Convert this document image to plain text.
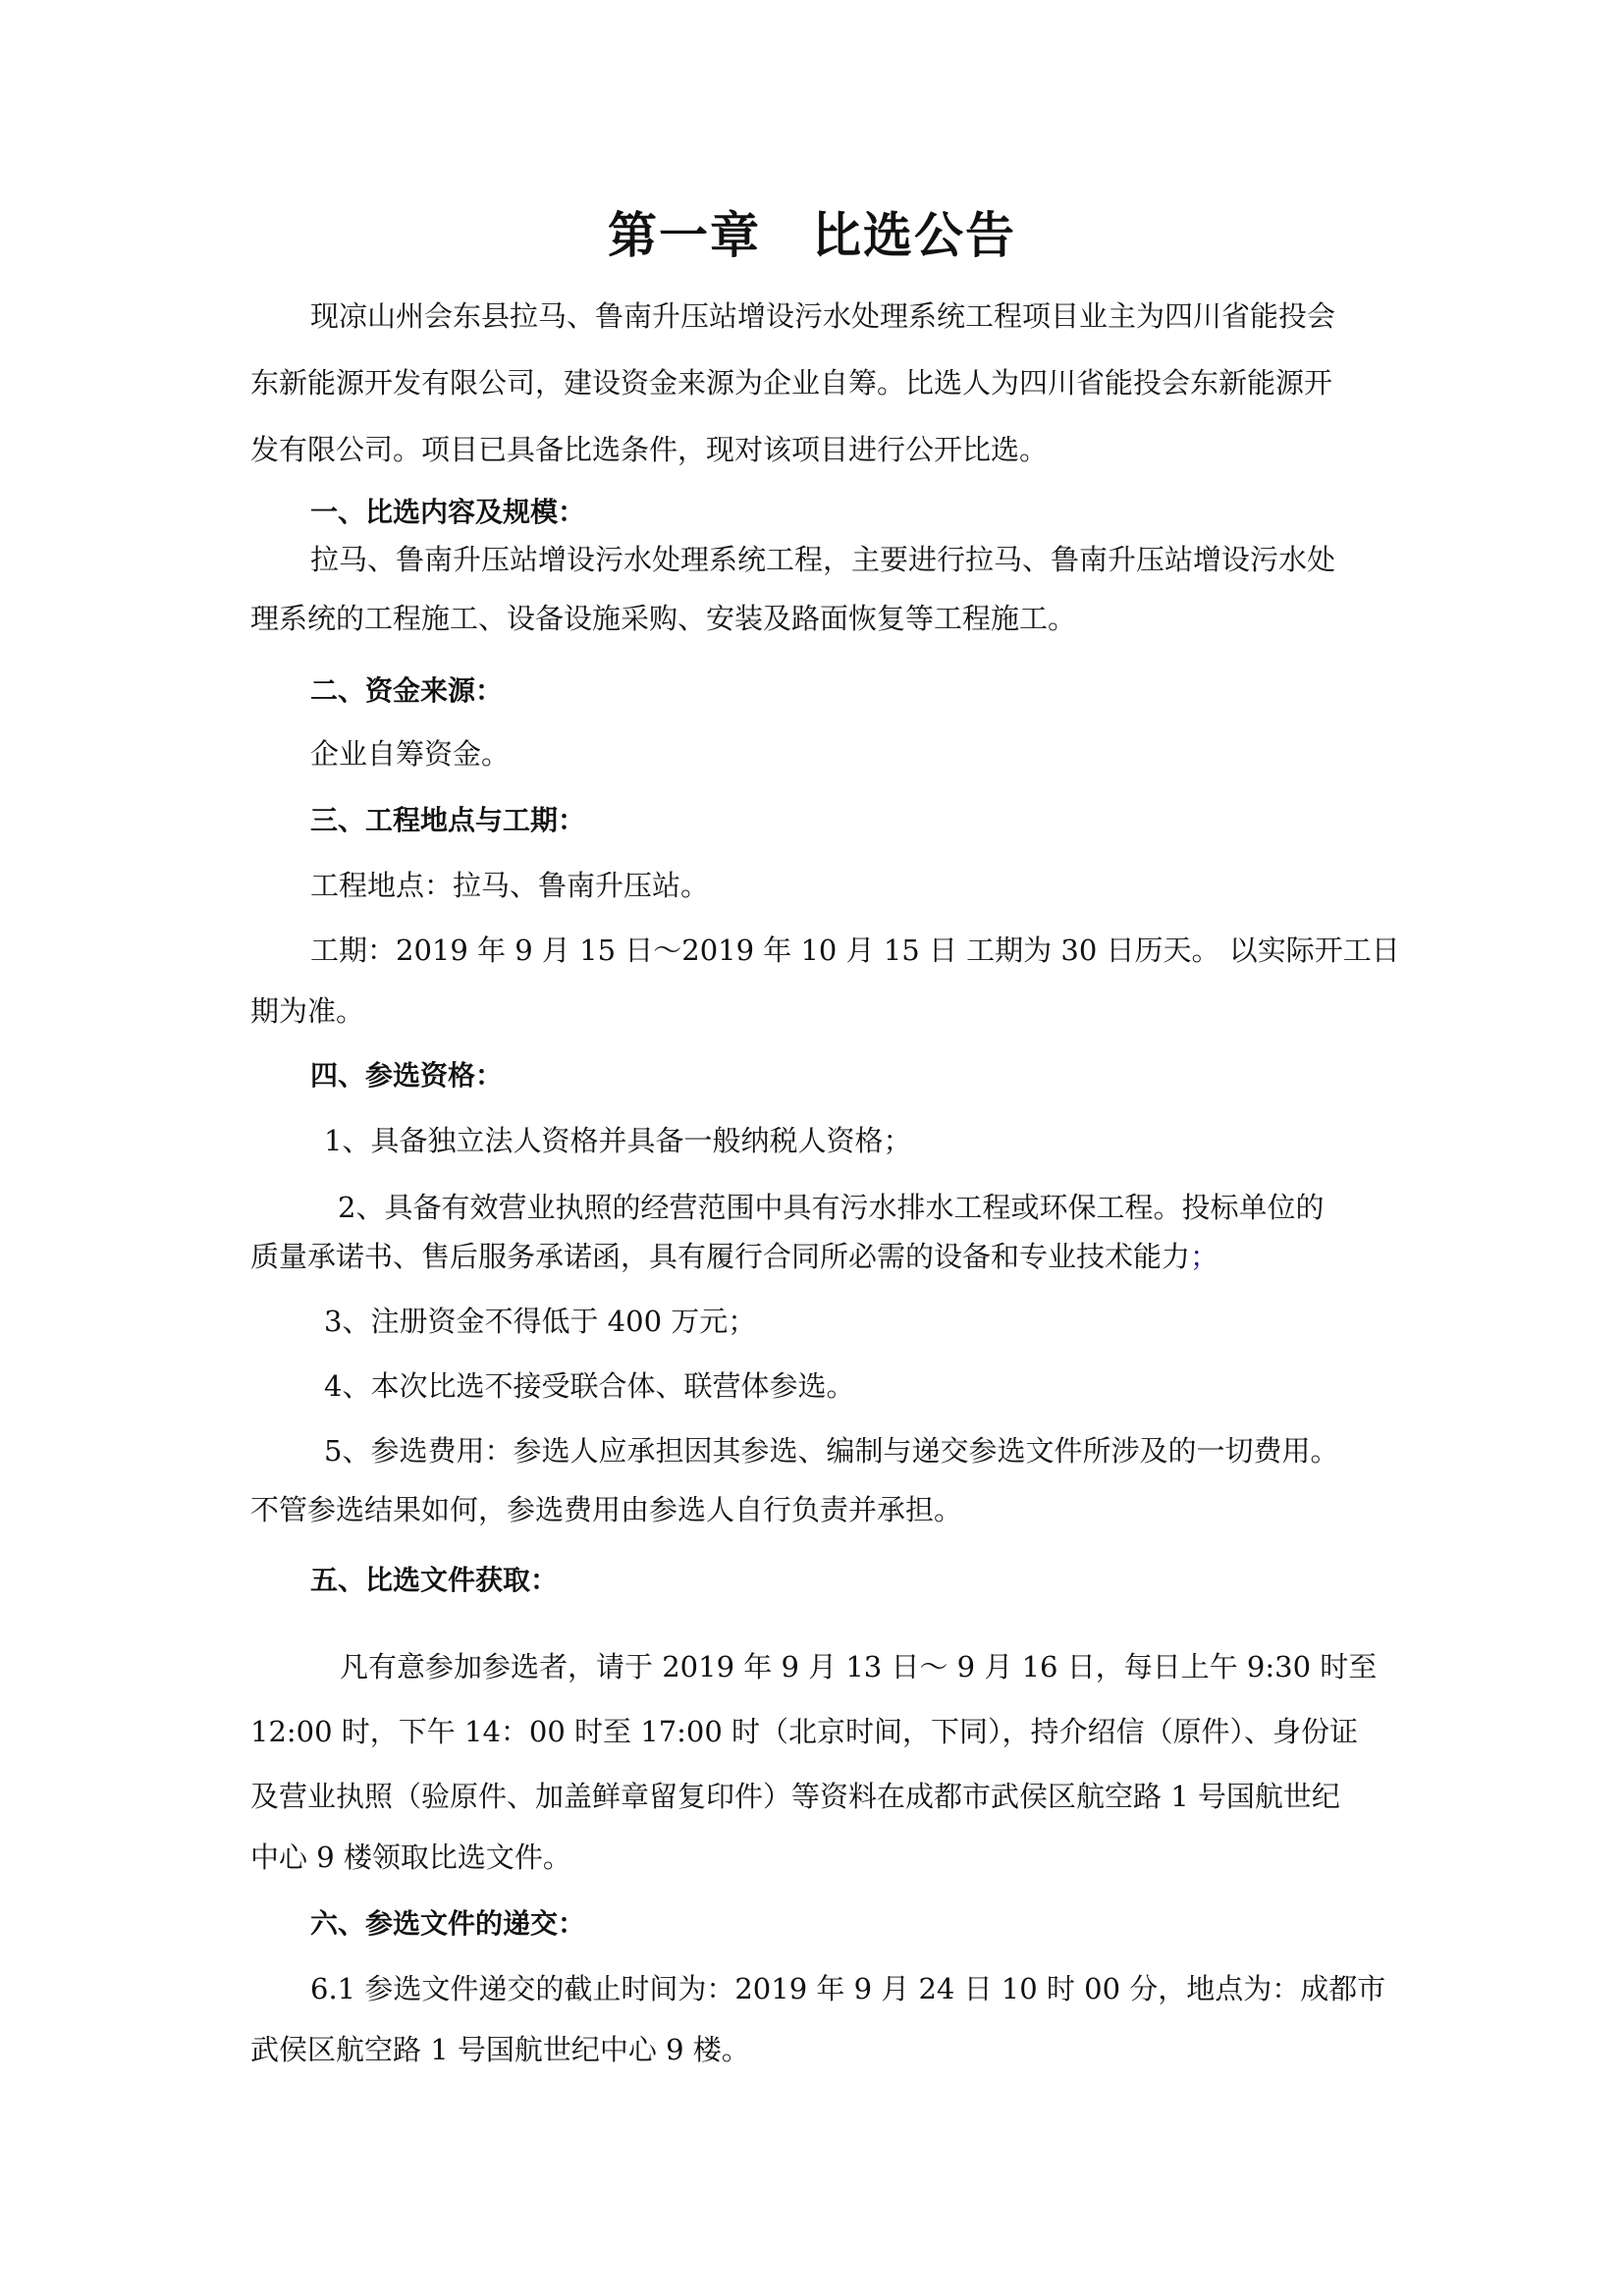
第一章　比选公告
现凉山州会东县拉马、鲁南升压站增设污水处理系统工程项目业主为四川省能投会
东新能源开发有限公司，建设资金来源为企业自筹。比选人为四川省能投会东新能源开
发有限公司。项目已具备比选条件，现对该项目进行公开比选。
一、比选内容及规模：
拉马、鲁南升压站增设污水处理系统工程，主要进行拉马、鲁南升压站增设污水处
理系统的工程施工、设备设施采购、安装及路面恢复等工程施工。
二、资金来源：
企业自筹资金。
三、工程地点与工期：
工程地点：拉马、鲁南升压站。
工期：2019 年 9 月 15 日～2019 年 10 月 15 日 工期为 30 日历天。 以实际开工日
期为准。
四、参选资格：
1、具备独立法人资格并具备一般纳税人资格；
2、具备有效营业执照的经营范围中具有污水排水工程或环保工程。投标单位的
质量承诺书、售后服务承诺函，具有履行合同所必需的设备和专业技术能力；
3、注册资金不得低于 400 万元；
4、本次比选不接受联合体、联营体参选。
5、参选费用：参选人应承担因其参选、编制与递交参选文件所涉及的一切费用。
不管参选结果如何，参选费用由参选人自行负责并承担。
五、比选文件获取：
凡有意参加参选者，请于 2019 年 9 月 13 日～ 9 月 16 日，每日上午 9:30 时至
12:00 时，下午 14：00 时至 17:00 时（北京时间，下同），持介绍信（原件）、身份证
及营业执照（验原件、加盖鲜章留复印件）等资料在成都市武侯区航空路 1 号国航世纪
中心 9 楼领取比选文件。
六、参选文件的递交：
6.1 参选文件递交的截止时间为：2019 年 9 月 24 日 10 时 00 分，地点为：成都市
武侯区航空路 1 号国航世纪中心 9 楼。
